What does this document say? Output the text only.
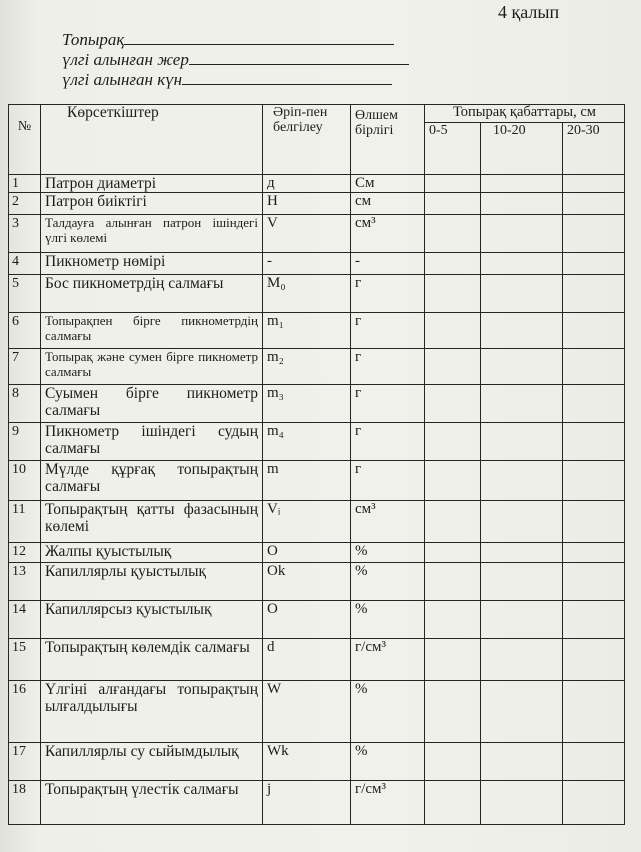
4 қалып
Топырақ
үлгі алынған жер
үлгі алынған күн
№	Көрсеткіштер	Әріп-пен белгілеу	Өлшем бірлігі	Топырақ қабаттары, см		
				0-5	10-20	20-30
1	Патрон диаметрі	д	См			
2	Патрон биіктігі	Н	см			
3	Талдауға алынған патрон ішіндегі үлгі көлемі	V	см³			
4	Пикнометр нөмірі	-	-			
5	Бос пикнометрдің салмағы	M₀	г			
6	Топырақпен бірге пикнометрдің салмағы	m₁	г			
7	Топырақ және сумен бірге пикнометр салмағы	m₂	г			
8	Суымен бірге пикнометр салмағы	m₃	г			
9	Пикнометр ішіндегі судың салмағы	m₄	г			
10	Мүлде құрғақ топырақтың салмағы	m	г			
11	Топырақтың қатты фазасының көлемі	Vᵢ	см³			
12	Жалпы қуыстылық	O	%			
13	Капиллярлы қуыстылық	Ok	%			
14	Капиллярсыз қуыстылық	O	%			
15	Топырақтың көлемдік салмағы	d	г/см³			
16	Үлгіні алғандағы топырақтың ылғалдылығы	W	%			
17	Капиллярлы су сыйымдылық	Wk	%			
18	Топырақтың үлестік салмағы	j	г/см³			
